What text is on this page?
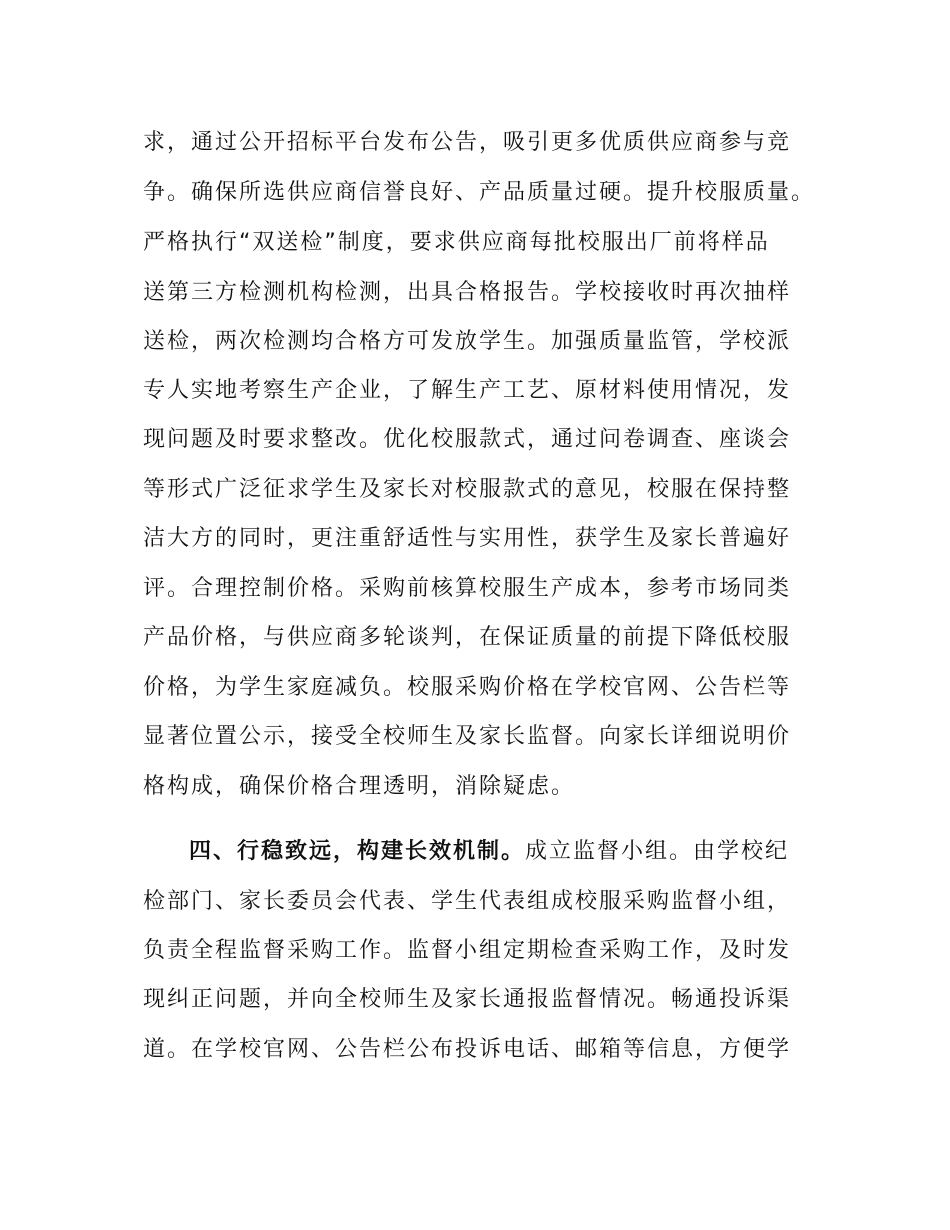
求，通过公开招标平台发布公告，吸引更多优质供应商参与竞
争。确保所选供应商信誉良好、产品质量过硬。提升校服质量。
严格执行“双送检”制度，要求供应商每批校服出厂前将样品
送第三方检测机构检测，出具合格报告。学校接收时再次抽样
送检，两次检测均合格方可发放学生。加强质量监管，学校派
专人实地考察生产企业，了解生产工艺、原材料使用情况，发
现问题及时要求整改。优化校服款式，通过问卷调查、座谈会
等形式广泛征求学生及家长对校服款式的意见，校服在保持整
洁大方的同时，更注重舒适性与实用性，获学生及家长普遍好
评。合理控制价格。采购前核算校服生产成本，参考市场同类
产品价格，与供应商多轮谈判，在保证质量的前提下降低校服
价格，为学生家庭减负。校服采购价格在学校官网、公告栏等
显著位置公示，接受全校师生及家长监督。向家长详细说明价
格构成，确保价格合理透明，消除疑虑。
四、行稳致远，构建长效机制。成立监督小组。由学校纪
检部门、家长委员会代表、学生代表组成校服采购监督小组，
负责全程监督采购工作。监督小组定期检查采购工作，及时发
现纠正问题，并向全校师生及家长通报监督情况。畅通投诉渠
道。在学校官网、公告栏公布投诉电话、邮箱等信息，方便学
